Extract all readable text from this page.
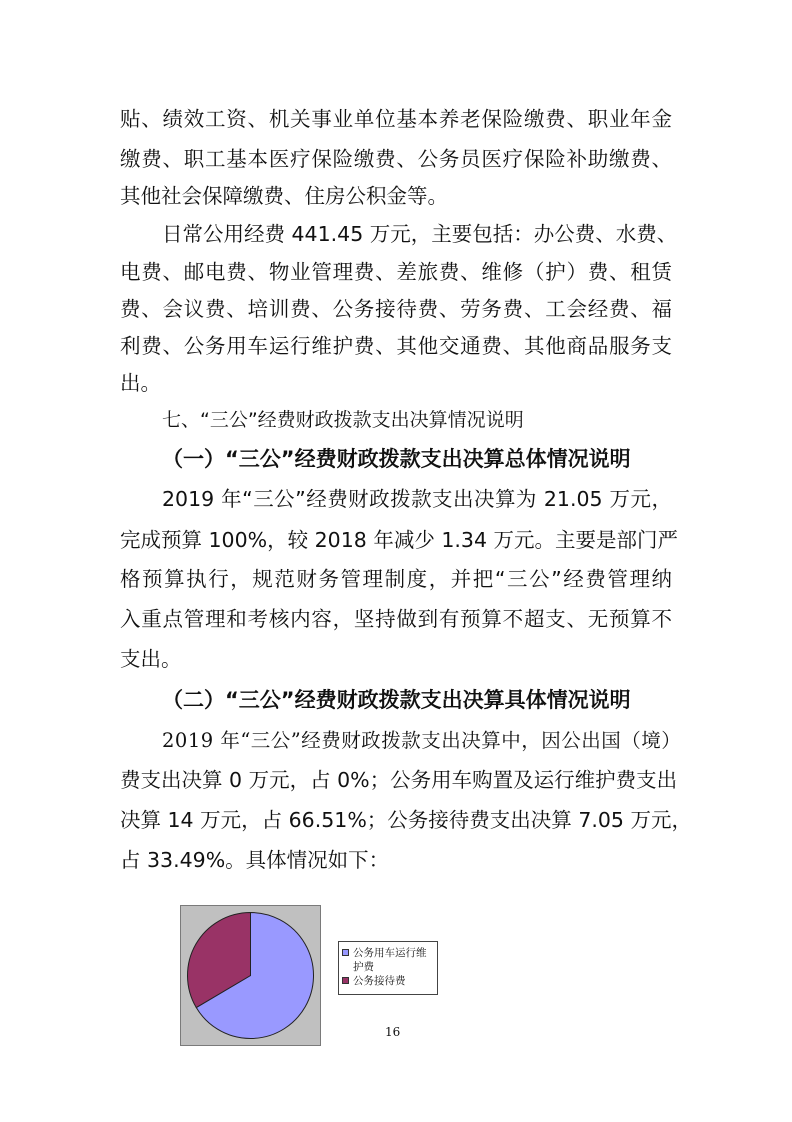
贴、绩效工资、机关事业单位基本养老保险缴费、职业年金
缴费、职工基本医疗保险缴费、公务员医疗保险补助缴费、
其他社会保障缴费、住房公积金等。
日常公用经费 441.45 万元，主要包括：办公费、水费、
电费、邮电费、物业管理费、差旅费、维修（护）费、租赁
费、会议费、培训费、公务接待费、劳务费、工会经费、福
利费、公务用车运行维护费、其他交通费、其他商品服务支
出。
七、“三公”经费财政拨款支出决算情况说明
（一）“三公”经费财政拨款支出决算总体情况说明
2019 年“三公”经费财政拨款支出决算为 21.05 万元，
完成预算 100%，较 2018 年减少 1.34 万元。主要是部门严
格预算执行，规范财务管理制度，并把“三公”经费管理纳
入重点管理和考核内容，坚持做到有预算不超支、无预算不
支出。
（二）“三公”经费财政拨款支出决算具体情况说明
2019 年“三公”经费财政拨款支出决算中，因公出国（境）
费支出决算 0 万元，占 0%；公务用车购置及运行维护费支出
决算 14 万元，占 66.51%；公务接待费支出决算 7.05 万元，
占 33.49%。具体情况如下：
公务用车运行维护费
公务接待费
16
